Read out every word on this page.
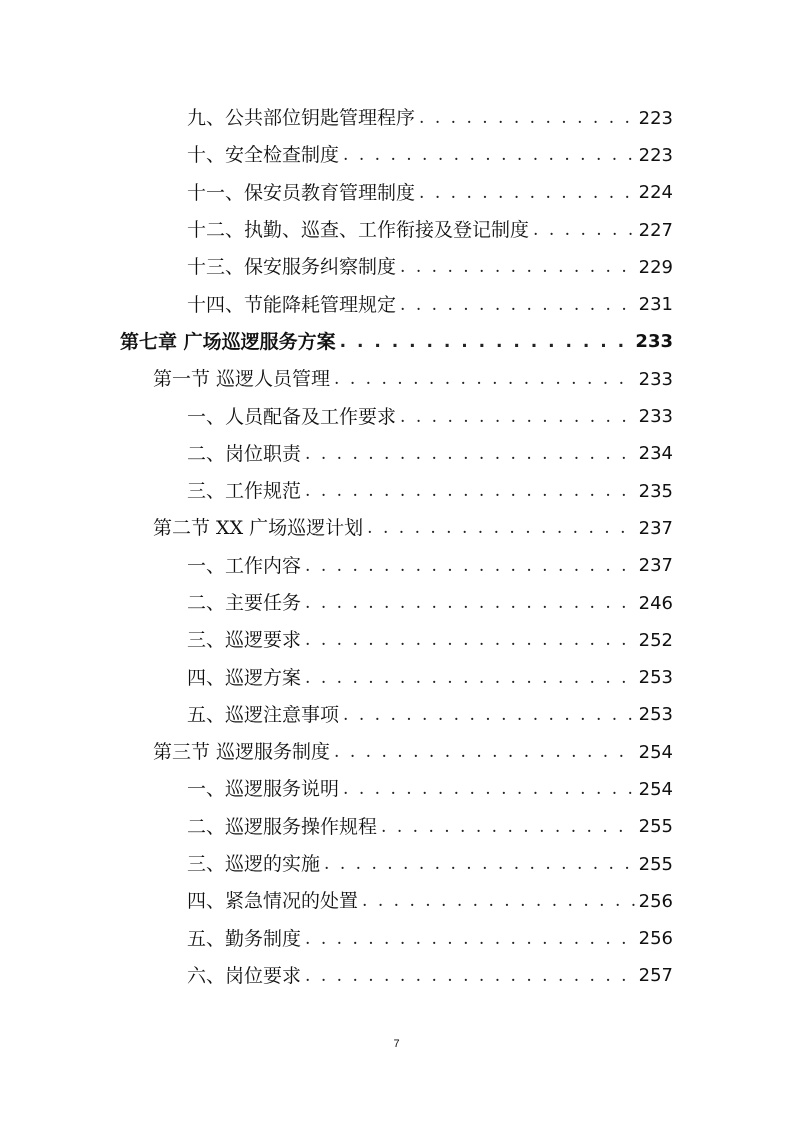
九、公共部位钥匙管理程序 . . .	223
十、安全检查制度 . . .	223
十一、保安员教育管理制度 . . .	224
十二、执勤、巡查、工作衔接及登记制度 . . .	227
十三、保安服务纠察制度 . . .	229
十四、节能降耗管理规定 . . .	231
第七章 广场巡逻服务方案 . . .	233
第一节 巡逻人员管理 . . .	233
一、人员配备及工作要求 . . .	233
二、岗位职责 . . .	234
三、工作规范 . . .	235
第二节 XX 广场巡逻计划 . . .	237
一、工作内容 . . .	237
二、主要任务 . . .	246
三、巡逻要求 . . .	252
四、巡逻方案 . . .	253
五、巡逻注意事项 . . .	253
第三节 巡逻服务制度 . . .	254
一、巡逻服务说明 . . .	254
二、巡逻服务操作规程 . . .	255
三、巡逻的实施 . . .	255
四、紧急情况的处置 . . .	256
五、勤务制度 . . .	256
六、岗位要求 . . .	257
7
